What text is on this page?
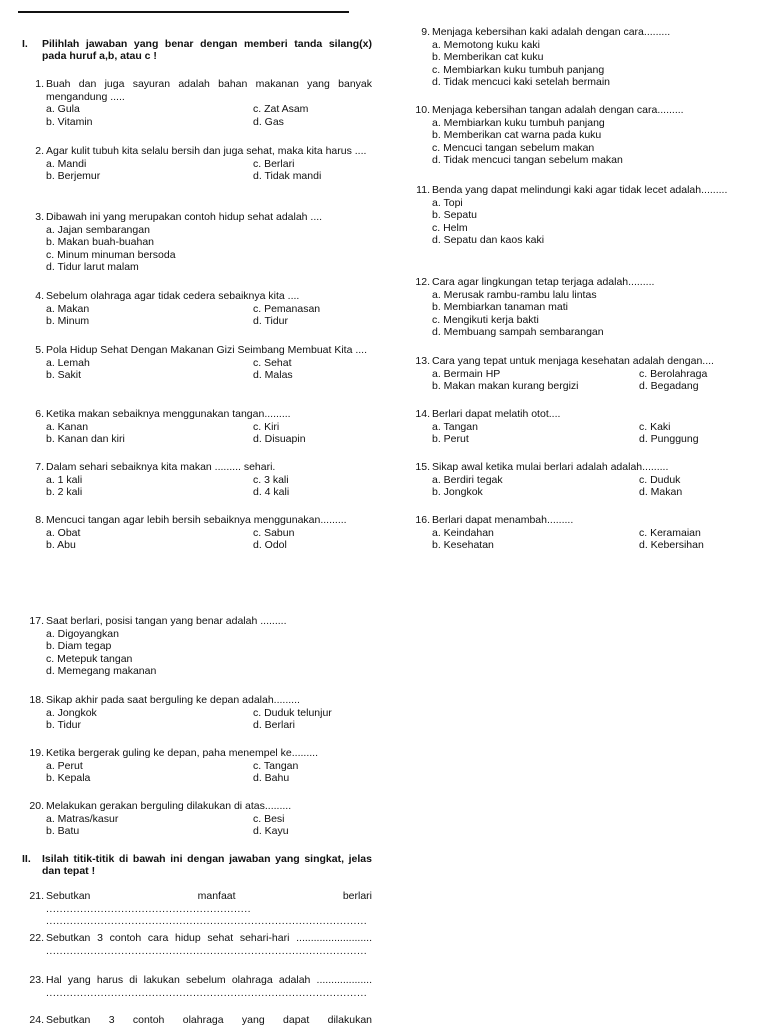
I. Pilihlah jawaban yang benar dengan memberi tanda silang(x) pada huruf a,b, atau c !
1. Buah dan juga sayuran adalah bahan makanan yang banyak mengandung .....
a. Gula	c. Zat Asam
b. Vitamin	d. Gas
2. Agar kulit tubuh kita selalu bersih dan juga sehat, maka kita harus ....
a. Mandi	c. Berlari
b. Berjemur	d. Tidak mandi
3. Dibawah ini yang merupakan contoh hidup sehat adalah ....
a. Jajan sembarangan
b. Makan buah-buahan
c. Minum minuman bersoda
d. Tidur larut malam
4. Sebelum olahraga agar tidak cedera sebaiknya kita ....
a. Makan	c. Pemanasan
b. Minum	d. Tidur
5. Pola Hidup Sehat Dengan Makanan Gizi Seimbang Membuat Kita ....
a. Lemah	c. Sehat
b. Sakit	d. Malas
6. Ketika makan sebaiknya menggunakan tangan.........
a. Kanan	c. Kiri
b. Kanan dan kiri	d. Disuapin
7. Dalam sehari sebaiknya kita makan ......... sehari.
a. 1 kali	c. 3 kali
b. 2 kali	d. 4 kali
8. Mencuci tangan agar lebih bersih sebaiknya menggunakan.........
a. Obat	c. Sabun
b. Abu	d. Odol
17. Saat berlari, posisi tangan yang benar adalah .........
a. Digoyangkan
b. Diam tegap
c. Metepuk tangan
d. Memegang makanan
18. Sikap akhir pada saat berguling ke depan adalah.........
a. Jongkok	c. Duduk telunjur
b. Tidur	d. Berlari
19. Ketika bergerak guling ke depan, paha menempel ke.........
a. Perut	c. Tangan
b. Kepala	d. Bahu
20. Melakukan gerakan berguling dilakukan di atas.........
a. Matras/kasur	c. Besi
b. Batu	d. Kayu
II. Isilah titik-titik di bawah ini dengan jawaban yang singkat, jelas dan tepat !
21. Sebutkan manfaat berlari
............................................................
..............................................................................................
22. Sebutkan 3 contoh cara hidup sehat sehari-hari ..........................
..............................................................................................
23. Hal yang harus di lakukan sebelum olahraga adalah ...................
..............................................................................................
24. Sebutkan 3 contoh olahraga yang dapat dilakukan
9. Menjaga kebersihan kaki adalah dengan cara.........
a. Memotong kuku kaki
b. Memberikan cat kuku
c. Membiarkan kuku tumbuh panjang
d. Tidak mencuci kaki setelah bermain
10. Menjaga kebersihan tangan adalah dengan cara.........
a. Membiarkan kuku tumbuh panjang
b. Memberikan cat warna pada kuku
c. Mencuci tangan sebelum makan
d. Tidak mencuci tangan sebelum makan
11. Benda yang dapat melindungi kaki agar tidak lecet adalah.........
a. Topi
b. Sepatu
c. Helm
d. Sepatu dan kaos kaki
12. Cara agar lingkungan tetap terjaga adalah.........
a. Merusak rambu-rambu lalu lintas
b. Membiarkan tanaman mati
c. Mengikuti kerja bakti
d. Membuang sampah sembarangan
13. Cara yang tepat untuk menjaga kesehatan adalah dengan....
a. Bermain HP	c. Berolahraga
b. Makan makan kurang bergizi	d. Begadang
14. Berlari dapat melatih otot....
a. Tangan	c. Kaki
b. Perut	d. Punggung
15. Sikap awal ketika mulai berlari adalah adalah.........
a. Berdiri tegak	c. Duduk
b. Jongkok	d. Makan
16. Berlari dapat menambah.........
a. Keindahan	c. Keramaian
b. Kesehatan	d. Kebersihan
